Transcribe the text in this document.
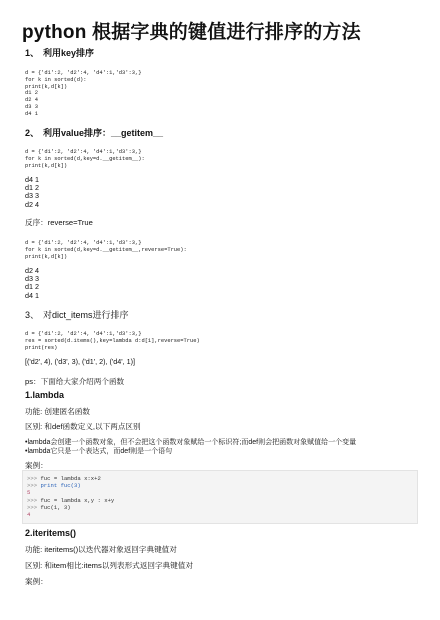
python 根据字典的键值进行排序的方法
1、 利用key排序
d = {'d1':2, 'd2':4, 'd4':1,'d3':3,}
for k in sorted(d):
print(k,d[k])
d1 2
d2 4
d3 3
d4 1
2、 利用value排序：__getitem__
d = {'d1':2, 'd2':4, 'd4':1,'d3':3,}
for k in sorted(d,key=d.__getitem__):
print(k,d[k])
d4 1
d1 2
d3 3
d2 4
反序：reverse=True
d = {'d1':2, 'd2':4, 'd4':1,'d3':3,}
for k in sorted(d,key=d.__getitem__,reverse=True):
print(k,d[k])
d2 4
d3 3
d1 2
d4 1
3、 对dict_items进行排序
d = {'d1':2, 'd2':4, 'd4':1,'d3':3,}
res = sorted(d.items(),key=lambda d:d[1],reverse=True)
print(res)
[('d2', 4), ('d3', 3), ('d1', 2), ('d4', 1)]
ps：下面给大家介绍两个函数
1.lambda
功能: 创建匿名函数
区别: 和def函数定义,以下两点区别
•lambda会创建一个函数对象，但不会把这个函数对象赋给一个标识符;而def则会把函数对象赋值给一个变量
•lambda它只是一个表达式，而def则是一个语句
案例：
>>> fuc = lambda x:x+2
>>> print fuc(3)
5
>>> fuc = lambda x,y : x+y
>>> fuc(1, 3)
4
2.iteritems()
功能: iteritems()以迭代器对象返回字典键值对
区别: 和item相比:items以列表形式返回字典键值对
案例：
